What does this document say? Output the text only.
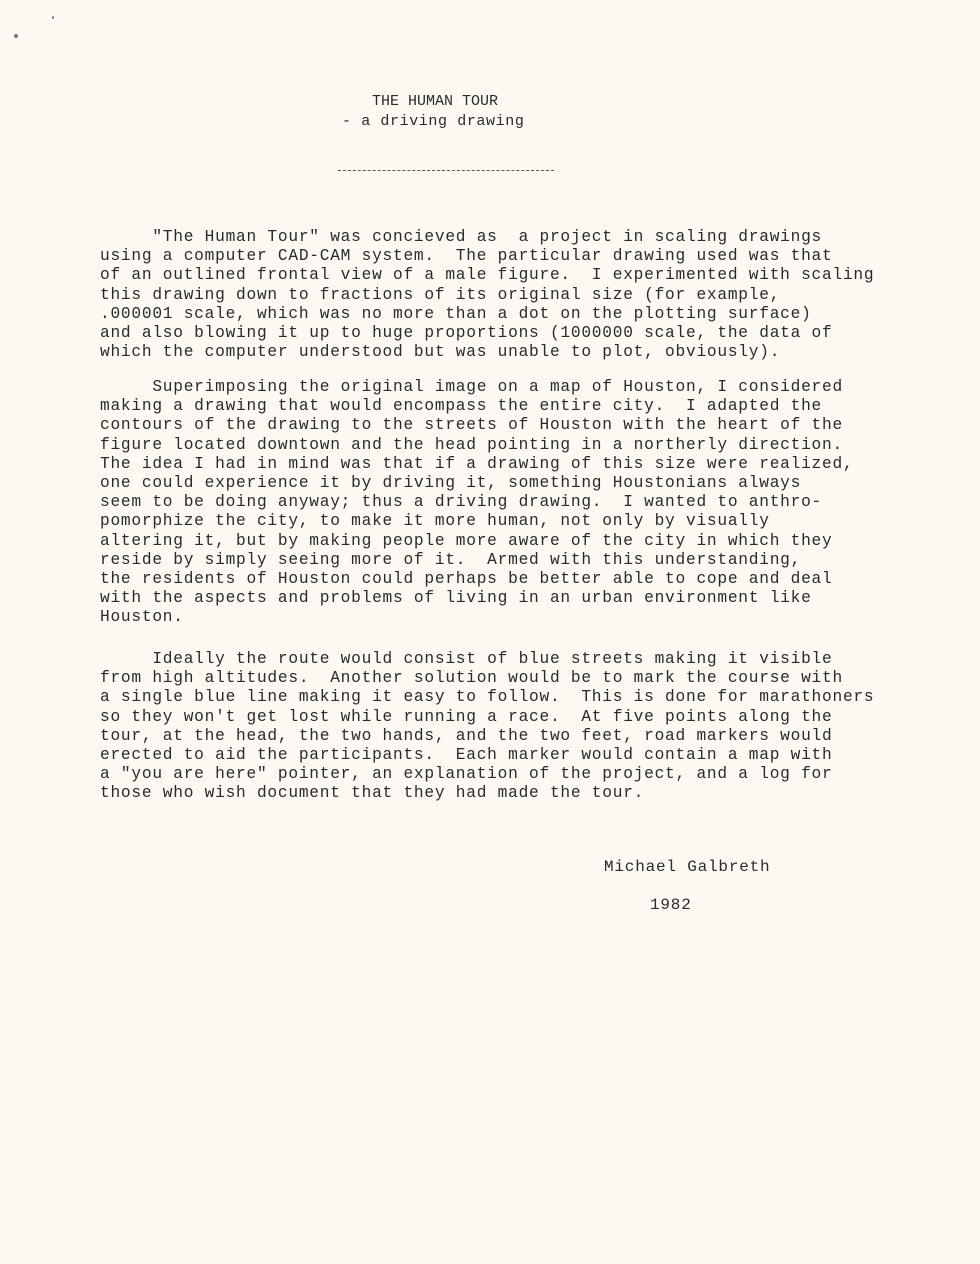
THE HUMAN TOUR
- a driving drawing
"The Human Tour" was concieved as  a project in scaling drawings
using a computer CAD-CAM system.  The particular drawing used was that
of an outlined frontal view of a male figure.  I experimented with scaling
this drawing down to fractions of its original size (for example,
.000001 scale, which was no more than a dot on the plotting surface)
and also blowing it up to huge proportions (1000000 scale, the data of
which the computer understood but was unable to plot, obviously).
Superimposing the original image on a map of Houston, I considered
making a drawing that would encompass the entire city.  I adapted the
contours of the drawing to the streets of Houston with the heart of the
figure located downtown and the head pointing in a northerly direction.
The idea I had in mind was that if a drawing of this size were realized,
one could experience it by driving it, something Houstonians always
seem to be doing anyway; thus a driving drawing.  I wanted to anthro-
pomorphize the city, to make it more human, not only by visually
altering it, but by making people more aware of the city in which they
reside by simply seeing more of it.  Armed with this understanding,
the residents of Houston could perhaps be better able to cope and deal
with the aspects and problems of living in an urban environment like
Houston.
Ideally the route would consist of blue streets making it visible
from high altitudes.  Another solution would be to mark the course with
a single blue line making it easy to follow.  This is done for marathoners
so they won't get lost while running a race.  At five points along the
tour, at the head, the two hands, and the two feet, road markers would
erected to aid the participants.  Each marker would contain a map with
a "you are here" pointer, an explanation of the project, and a log for
those who wish document that they had made the tour.
Michael Galbreth
1982
